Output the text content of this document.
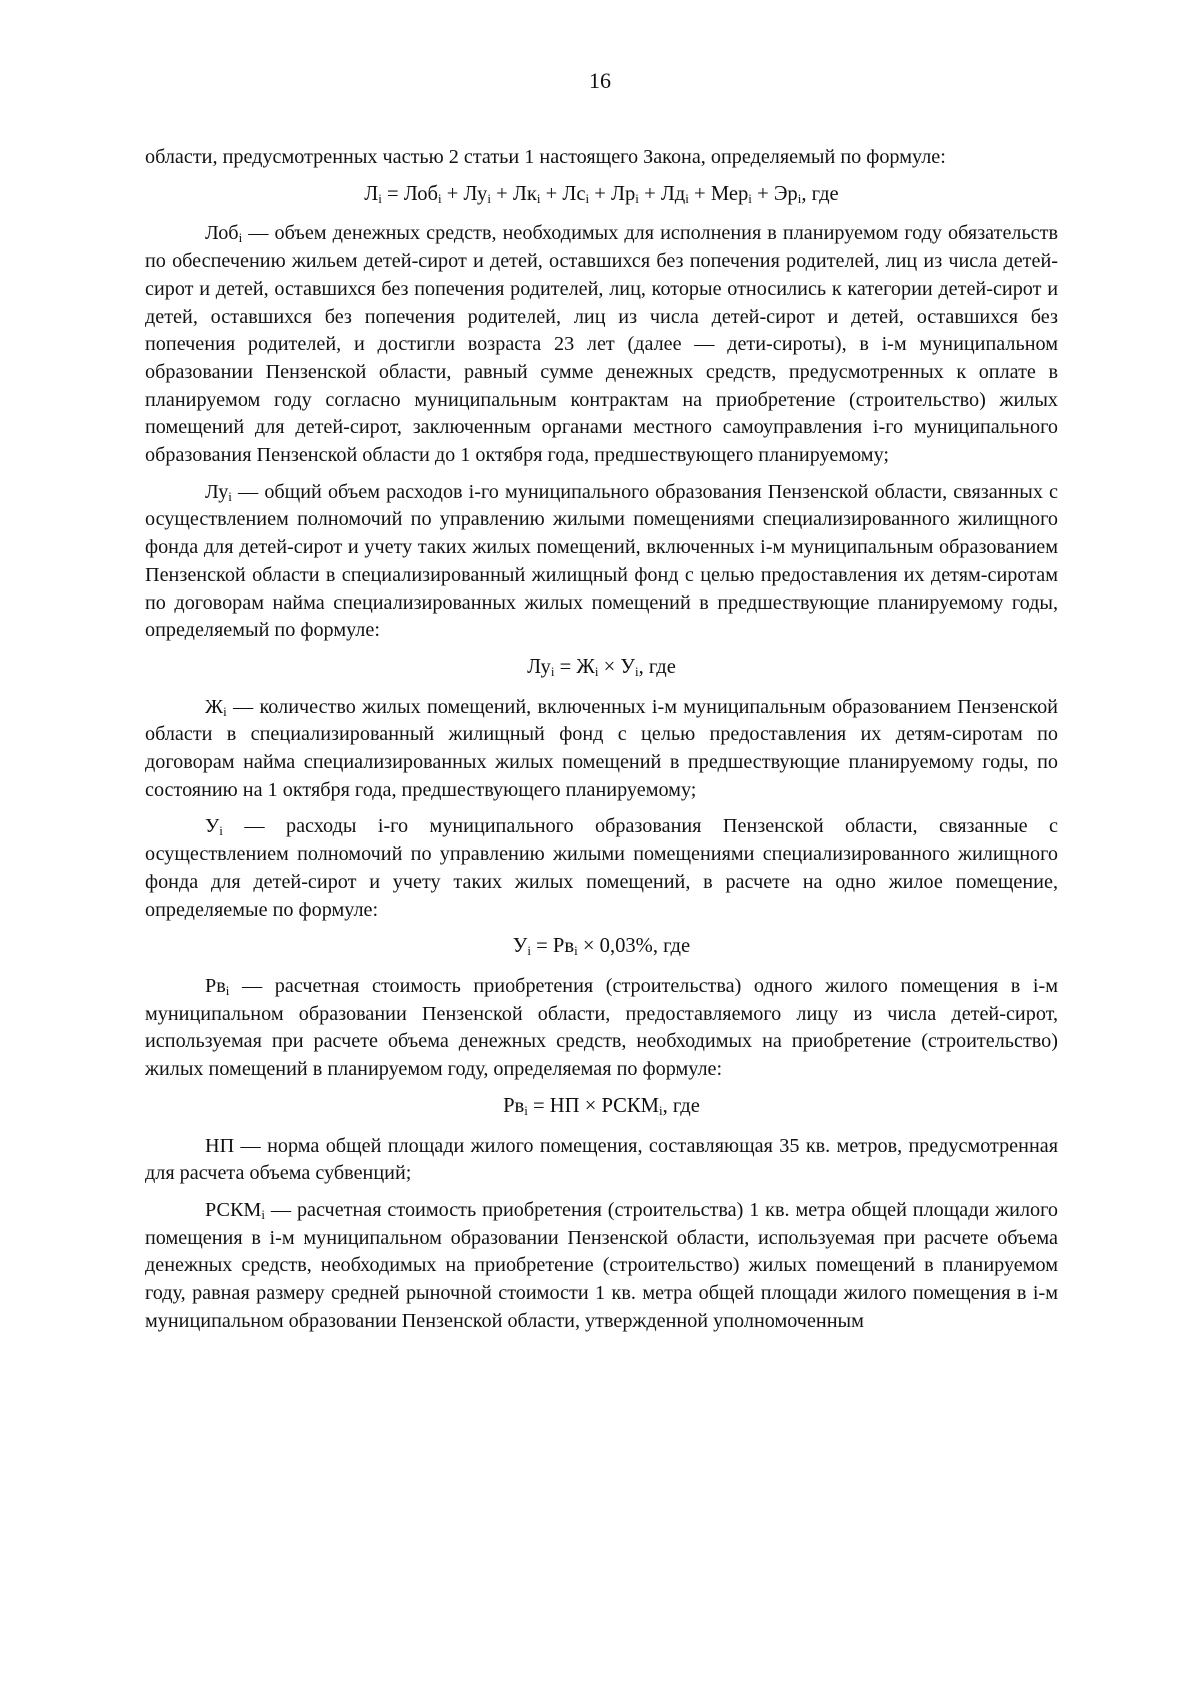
16

области, предусмотренных частью 2 статьи 1 настоящего Закона, определяемый по формуле:

$Л_i = Лоб_i + Лу_i + Лк_i + Лс_i + Лр_i + Лд_i + Мер_i + Эр_i$, где

Лоб$_i$ — объем денежных средств, необходимых для исполнения в планируемом году обязательств по обеспечению жильем детей-сирот и детей, оставшихся без попечения родителей, лиц из числа детей-сирот и детей, оставшихся без попечения родителей, лиц, которые относились к категории детей-сирот и детей, оставшихся без попечения родителей, лиц из числа детей-сирот и детей, оставшихся без попечения родителей, и достигли возраста 23 лет (далее — дети-сироты), в i-м муниципальном образовании Пензенской области, равный сумме денежных средств, предусмотренных к оплате в планируемом году согласно муниципальным контрактам на приобретение (строительство) жилых помещений для детей-сирот, заключенным органами местного самоуправления i-го муниципального образования Пензенской области до 1 октября года, предшествующего планируемому;

$Лу_i$ — общий объем расходов i-го муниципального образования Пензенской области, связанных с осуществлением полномочий по управлению жилыми помещениями специализированного жилищного фонда для детей-сирот и учету таких жилых помещений, включенных i-м муниципальным образованием Пензенской области в специализированный жилищный фонд с целью предоставления их детям-сиротам по договорам найма специализированных жилых помещений в предшествующие планируемому годы, определяемый по формуле:

$Лу_i = Ж_i \times У_i$, где

$Ж_i$ — количество жилых помещений, включенных i-м муниципальным образованием Пензенской области в специализированный жилищный фонд с целью предоставления их детям-сиротам по договорам найма специализированных жилых помещений в предшествующие планируемому годы, по состоянию на 1 октября года, предшествующего планируемому;

$У_i$ — расходы i-го муниципального образования Пензенской области, связанные с осуществлением полномочий по управлению жилыми помещениями специализированного жилищного фонда для детей-сирот и учету таких жилых помещений, в расчете на одно жилое помещение, определяемые по формуле:

$У_i = Рв_i \times 0,03\%$, где

$Рв_i$ — расчетная стоимость приобретения (строительства) одного жилого помещения в i-м муниципальном образовании Пензенской области, предоставляемого лицу из числа детей-сирот, используемая при расчете объема денежных средств, необходимых на приобретение (строительство) жилых помещений в планируемом году, определяемая по формуле:

$Рв_i$ = НП × $РСКМ_i$, где

НП — норма общей площади жилого помещения, составляющая 35 кв. метров, предусмотренная для расчета объема субвенций;

$РСКМ_i$ — расчетная стоимость приобретения (строительства) 1 кв. метра общей площади жилого помещения в i-м муниципальном образовании Пензенской области, используемая при расчете объема денежных средств, необходимых на приобретение (строительство) жилых помещений в планируемом году, равная размеру средней рыночной стоимости 1 кв. метра общей площади жилого помещения в i-м муниципальном образовании Пензенской области, утвержденной уполномоченным
